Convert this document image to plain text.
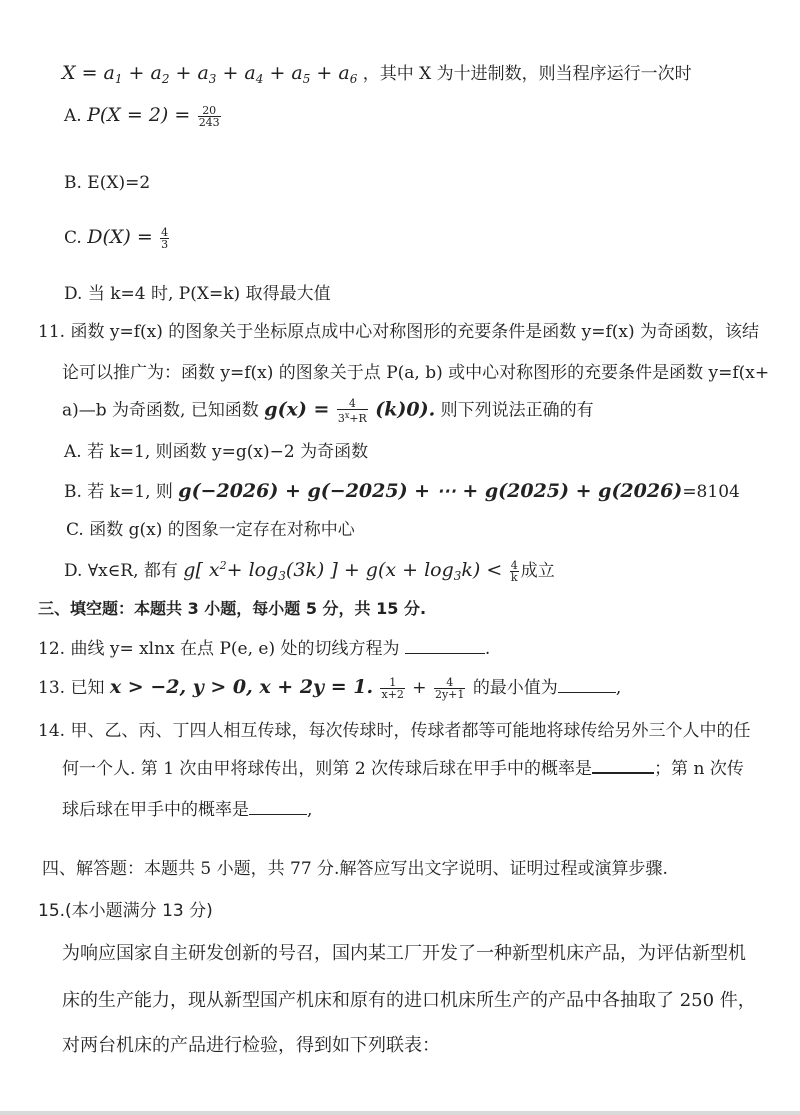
$X = a_1 + a_2 + a_3 + a_4 + a_5 + a_6$ ，其中 X 为十进制数，则当程序运行一次时
A. $P(X = 2) = \frac{20}{243}$
B. E(X)=2
C. $D(X) = \frac{4}{3}$
D. 当 k=4 时, P(X=k) 取得最大值
11. 函数 y=f(x) 的图象关于坐标原点成中心对称图形的充要条件是函数 y=f(x) 为奇函数，该结
论可以推广为：函数 y=f(x) 的图象关于点 P(a, b) 或中心对称图形的充要条件是函数 y=f(x+
a)—b 为奇函数, 已知函数 $g(x) = \frac{4}{3^x+R} (k)0$). 则下列说法正确的有
A. 若 k=1, 则函数 y=g(x)−2 为奇函数
B. 若 k=1, 则 g(−2026) + g(−2025) + ⋯ + g(2025) + g(2026)=8104
C. 函数 g(x) 的图象一定存在对称中心
D. ∀x∈R, 都有 g[ $x^2+ \log_3(3k)$ ] + $g(x + \log_3k) < \frac{4}{k}$ 成立
三、填空题：本题共 3 小题，每小题 5 分，共 15 分.
12. 曲线 y= xlnx 在点 P(e, e) 处的切线方程为	.
13. 已知 x > −2, y > 0, x + 2y = 1. $\frac{1}{x+2} + \frac{4}{2y+1}$ 的最小值为	,
14. 甲、乙、丙、丁四人相互传球，每次传球时，传球者都等可能地将球传给另外三个人中的任
何一个人. 第 1 次由甲将球传出，则第 2 次传球后球在甲手中的概率是	；第 n 次传
球后球在甲手中的概率是	,
四、解答题：本题共 5 小题，共 77 分.解答应写出文字说明、证明过程或演算步骤.
15.(本小题满分 13 分)
为响应国家自主研发创新的号召，国内某工厂开发了一种新型机床产品，为评估新型机
床的生产能力，现从新型国产机床和原有的进口机床所生产的产品中各抽取了 250 件，
对两台机床的产品进行检验，得到如下列联表：
